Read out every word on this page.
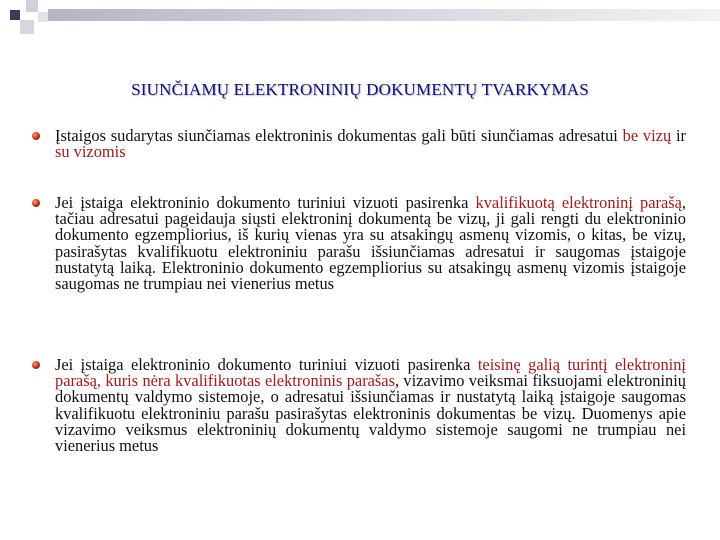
SIUNČIAMŲ ELEKTRONINIŲ DOKUMENTŲ TVARKYMAS
Įstaigos sudarytas siunčiamas elektroninis dokumentas gali būti siunčiamas adresatui be vizų ir su vizomis
Jei įstaiga elektroninio dokumento turiniui vizuoti pasirenka kvalifikuotą elektroninį parašą, tačiau adresatui pageidauja siųsti elektroninį dokumentą be vizų, ji gali rengti du elektroninio dokumento egzempliorius, iš kurių vienas yra su atsakingų asmenų vizomis, o kitas, be vizų, pasirašytas kvalifikuotu elektroniniu parašu išsiunčiamas adresatui ir saugomas įstaigoje nustatytą laiką. Elektroninio dokumento egzempliorius su atsakingų asmenų vizomis įstaigoje saugomas ne trumpiau nei vienerius metus
Jei įstaiga elektroninio dokumento turiniui vizuoti pasirenka teisinę galią turintį elektroninį parašą, kuris nėra kvalifikuotas elektroninis parašas, vizavimo veiksmai fiksuojami elektroninių dokumentų valdymo sistemoje, o adresatui išsiunčiamas ir nustatytą laiką įstaigoje saugomas kvalifikuotu elektroniniu parašu pasirašytas elektroninis dokumentas be vizų. Duomenys apie vizavimo veiksmus elektroninių dokumentų valdymo sistemoje saugomi ne trumpiau nei vienerius metus
